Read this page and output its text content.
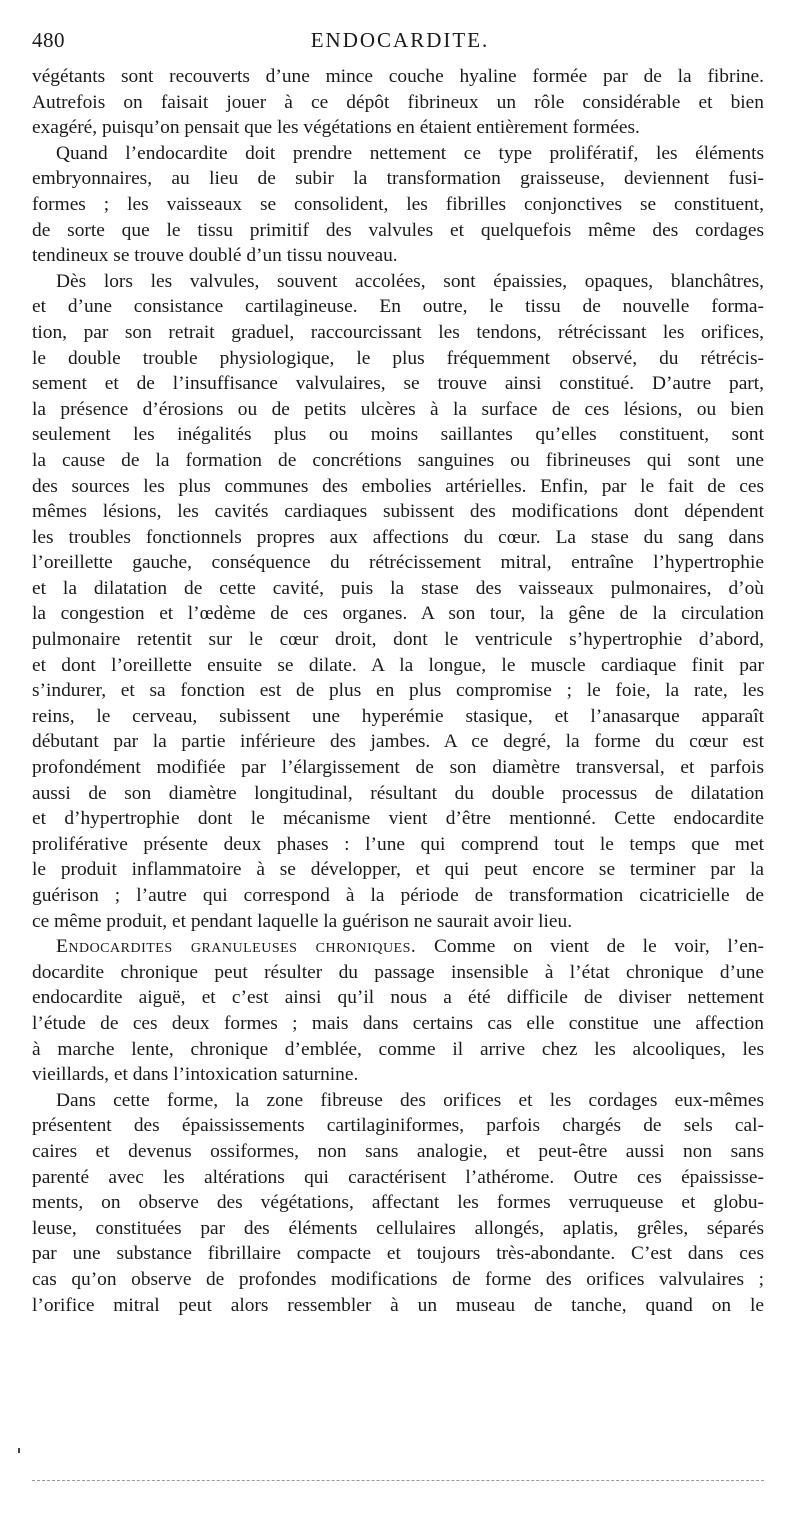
480	ENDOCARDITE.
végétants sont recouverts d’une mince couche hyaline formée par de la fibrine.
Autrefois on faisait jouer à ce dépôt fibrineux un rôle considérable et bien
exagéré, puisqu’on pensait que les végétations en étaient entièrement formées.
Quand l’endocardite doit prendre nettement ce type prolifératif, les éléments
embryonnaires, au lieu de subir la transformation graisseuse, deviennent fusi-
formes ; les vaisseaux se consolident, les fibrilles conjonctives se constituent,
de sorte que le tissu primitif des valvules et quelquefois même des cordages
tendineux se trouve doublé d’un tissu nouveau.
Dès lors les valvules, souvent accolées, sont épaissies, opaques, blanchâtres,
et d’une consistance cartilagineuse. En outre, le tissu de nouvelle forma-
tion, par son retrait graduel, raccourcissant les tendons, rétrécissant les orifices,
le double trouble physiologique, le plus fréquemment observé, du rétrécis-
sement et de l’insuffisance valvulaires, se trouve ainsi constitué. D’autre part,
la présence d’érosions ou de petits ulcères à la surface de ces lésions, ou bien
seulement les inégalités plus ou moins saillantes qu’elles constituent, sont
la cause de la formation de concrétions sanguines ou fibrineuses qui sont une
des sources les plus communes des embolies artérielles. Enfin, par le fait de ces
mêmes lésions, les cavités cardiaques subissent des modifications dont dépendent
les troubles fonctionnels propres aux affections du cœur. La stase du sang dans
l’oreillette gauche, conséquence du rétrécissement mitral, entraîne l’hypertrophie
et la dilatation de cette cavité, puis la stase des vaisseaux pulmonaires, d’où
la congestion et l’œdème de ces organes. A son tour, la gêne de la circulation
pulmonaire retentit sur le cœur droit, dont le ventricule s’hypertrophie d’abord,
et dont l’oreillette ensuite se dilate. A la longue, le muscle cardiaque finit par
s’indurer, et sa fonction est de plus en plus compromise ; le foie, la rate, les
reins, le cerveau, subissent une hyperémie stasique, et l’anasarque apparaît
débutant par la partie inférieure des jambes. A ce degré, la forme du cœur est
profondément modifiée par l’élargissement de son diamètre transversal, et parfois
aussi de son diamètre longitudinal, résultant du double processus de dilatation
et d’hypertrophie dont le mécanisme vient d’être mentionné. Cette endocardite
proliférative présente deux phases : l’une qui comprend tout le temps que met
le produit inflammatoire à se développer, et qui peut encore se terminer par la
guérison ; l’autre qui correspond à la période de transformation cicatricielle de
ce même produit, et pendant laquelle la guérison ne saurait avoir lieu.
Endocardites granuleuses chroniques. Comme on vient de le voir, l’en-
docardite chronique peut résulter du passage insensible à l’état chronique d’une
endocardite aiguë, et c’est ainsi qu’il nous a été difficile de diviser nettement
l’étude de ces deux formes ; mais dans certains cas elle constitue une affection
à marche lente, chronique d’emblée, comme il arrive chez les alcooliques, les
vieillards, et dans l’intoxication saturnine.
Dans cette forme, la zone fibreuse des orifices et les cordages eux-mêmes
présentent des épaississements cartilaginiformes, parfois chargés de sels cal-
caires et devenus ossiformes, non sans analogie, et peut-être aussi non sans
parenté avec les altérations qui caractérisent l’athérome. Outre ces épaississe-
ments, on observe des végétations, affectant les formes verruqueuse et globu-
leuse, constituées par des éléments cellulaires allongés, aplatis, grêles, séparés
par une substance fibrillaire compacte et toujours très-abondante. C’est dans ces
cas qu’on observe de profondes modifications de forme des orifices valvulaires ;
l’orifice mitral peut alors ressembler à un museau de tanche, quand on le
